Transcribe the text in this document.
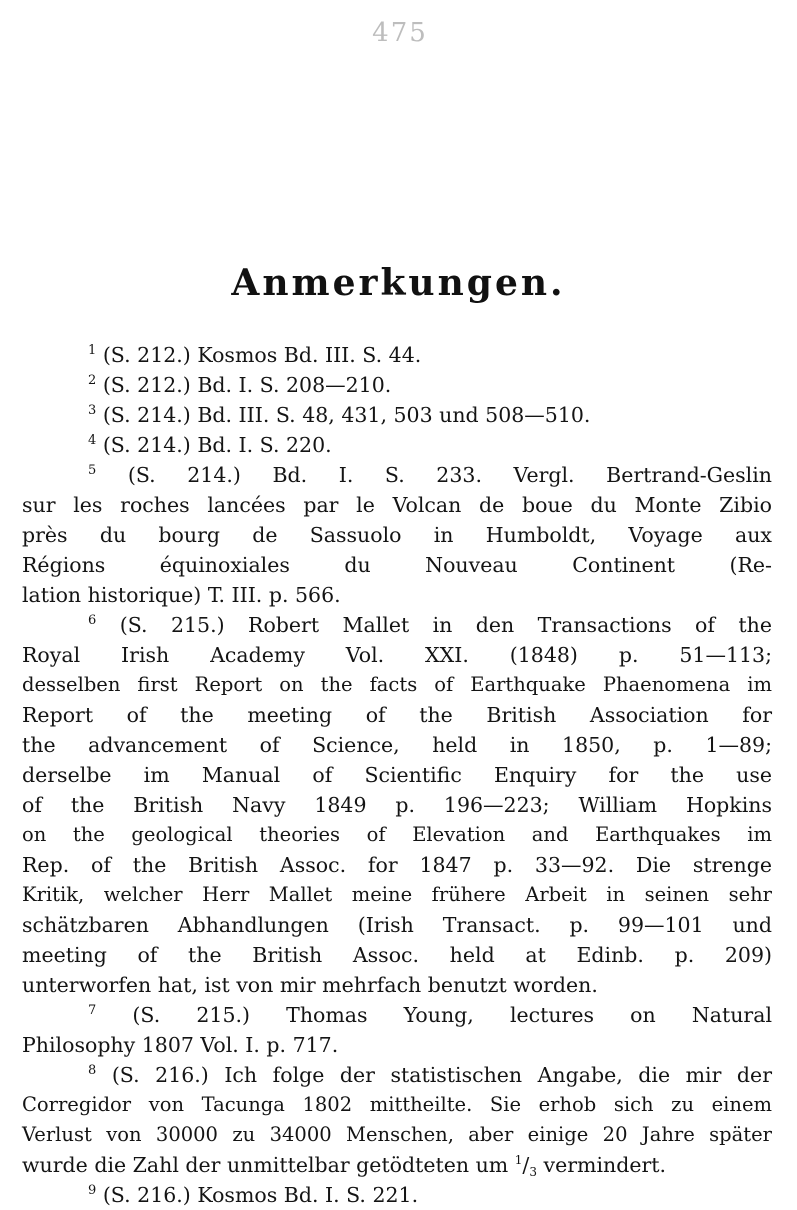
475
Anmerkungen.
$^1$ (S. 212.) Kosmos Bd. III. S. 44.
$^2$ (S. 212.) Bd. I. S. 208—210.
$^3$ (S. 214.) Bd. III. S. 48, 431, 503 und 508—510.
$^4$ (S. 214.) Bd. I. S. 220.
$^5$ (S. 214.) Bd. I. S. 233. Vergl. Bertrand-Geslin
sur les roches lancées par le Volcan de boue du Monte Zibio
près du bourg de Sassuolo in Humboldt, Voyage aux
Régions équinoxiales du Nouveau Continent (Re-
lation historique) T. III. p. 566.
$^6$ (S. 215.) Robert Mallet in den Transactions of the
Royal Irish Academy Vol. XXI. (1848) p. 51—113;
desselben first Report on the facts of Earthquake Phaenomena im
Report of the meeting of the British Association for
the advancement of Science, held in 1850, p. 1—89;
derselbe im Manual of Scientific Enquiry for the use
of the British Navy 1849 p. 196—223; William Hopkins
on the geological theories of Elevation and Earthquakes im
Rep. of the British Assoc. for 1847 p. 33—92. Die strenge
Kritik, welcher Herr Mallet meine frühere Arbeit in seinen sehr
schätzbaren Abhandlungen (Irish Transact. p. 99—101 und
meeting of the British Assoc. held at Edinb. p. 209)
unterworfen hat, ist von mir mehrfach benutzt worden.
$^7$ (S. 215.) Thomas Young, lectures on Natural
Philosophy 1807 Vol. I. p. 717.
$^8$ (S. 216.) Ich folge der statistischen Angabe, die mir der
Corregidor von Tacunga 1802 mittheilte. Sie erhob sich zu einem
Verlust von 30000 zu 34000 Menschen, aber einige 20 Jahre später
wurde die Zahl der unmittelbar getödteten um $^1/_3$ vermindert.
$^9$ (S. 216.) Kosmos Bd. I. S. 221.
